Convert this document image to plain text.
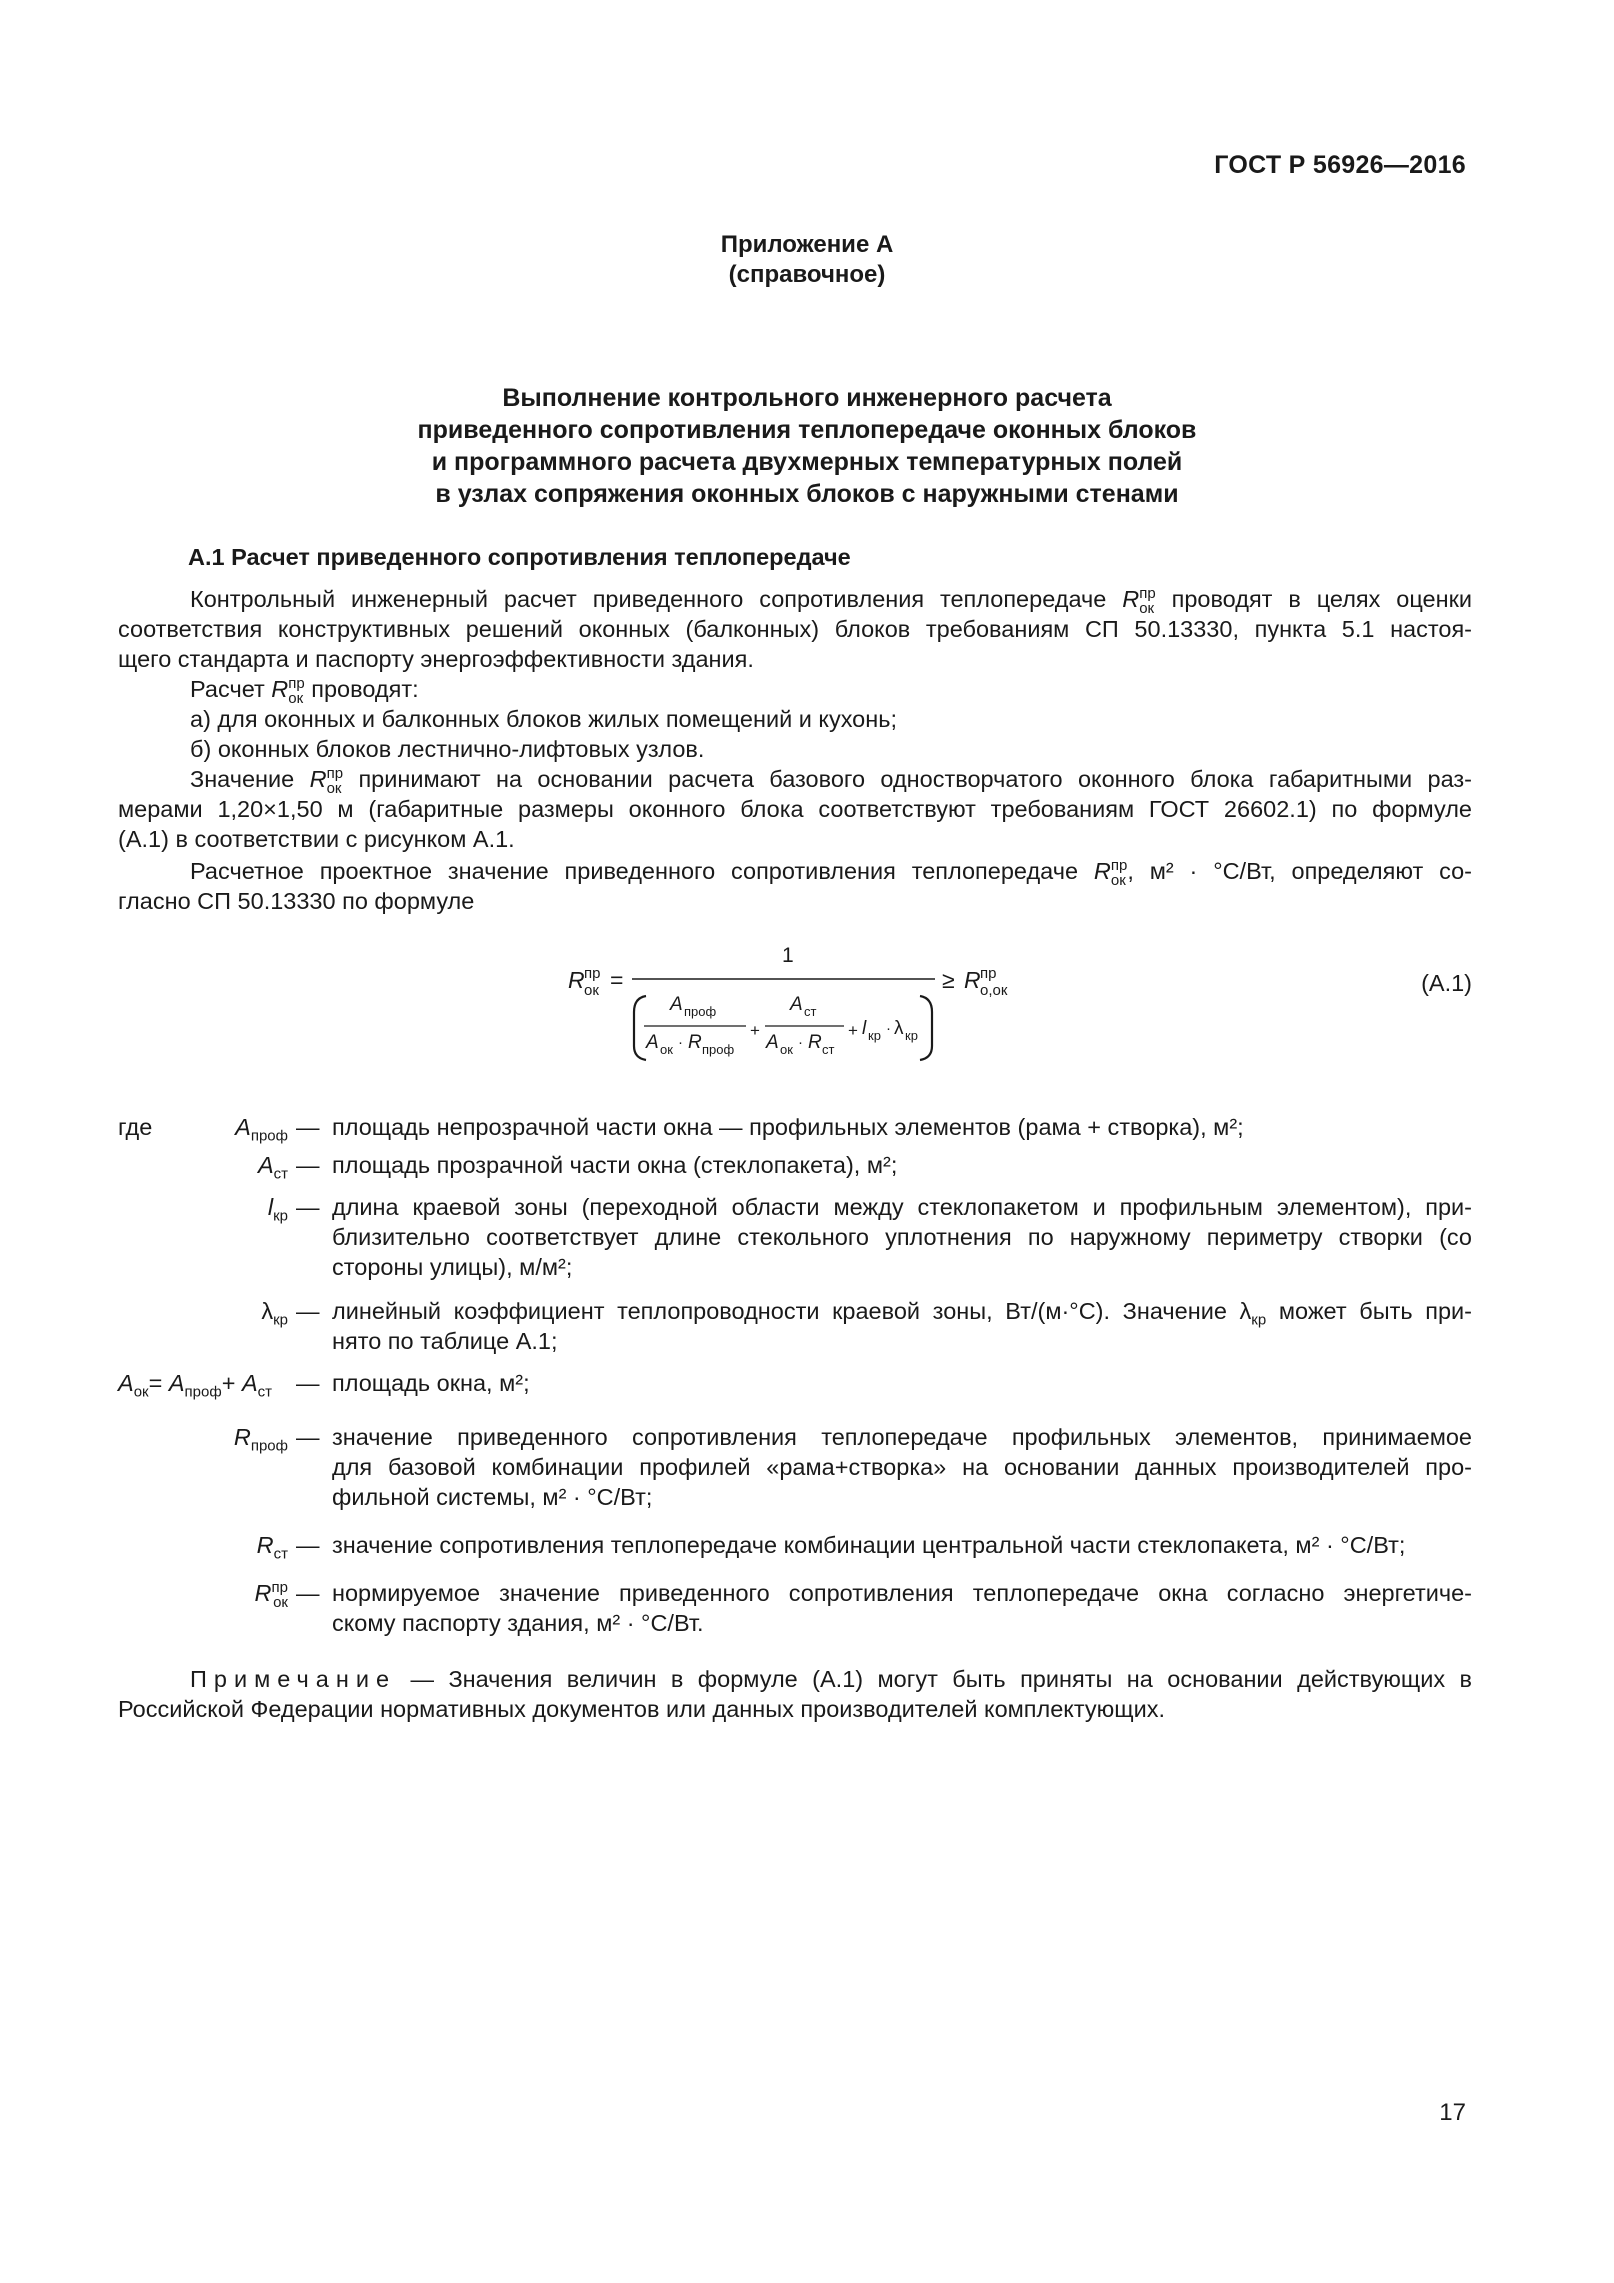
ГОСТ Р 56926—2016
Приложение А
(справочное)
Выполнение контрольного инженерного расчета
приведенного сопротивления теплопередаче оконных блоков
и программного расчета двухмерных температурных полей
в узлах сопряжения оконных блоков с наружными стенами
А.1 Расчет приведенного сопротивления теплопередаче
Контрольный инженерный расчет приведенного сопротивления теплопередаче R пр
ок проводят в целях оценки
соответствия конструктивных решений оконных (балконных) блоков требованиям СП 50.13330, пункта 5.1 настоя-
щего стандарта и паспорту энергоэффективности здания.
Расчет R пр
ок проводят:
а) для оконных и балконных блоков жилых помещений и кухонь;
б) оконных блоков лестнично-лифтовых узлов.
Значение R пр
ок принимают на основании расчета базового одностворчатого оконного блока габаритными раз-
мерами 1,20×1,50 м (габаритные размеры оконного блока соответствуют требованиям ГОСТ 26602.1) по формуле
(А.1) в соответствии с рисунком А.1.
Расчетное проектное значение приведенного сопротивления теплопередаче R пр
ок , м² · °С/Вт, определяют со-
гласно СП 50.13330 по формуле
R пр
ок =
1
А проф
А ок · R проф
+
А ст
А ок · R ст
+ l кр · λ кр
≥ R пр
о,ок	(А.1)
где	$А_{проф}$ — площадь непрозрачной части окна — профильных элементов (рама + створка), м²;
$А_{ст}$ — площадь прозрачной части окна (стеклопакета), м²;
$l_{кр}$ — длина краевой зоны (переходной области между стеклопакетом и профильным элементом), при-
близительно соответствует длине стекольного уплотнения по наружному периметру створки (со
стороны улицы), м/м²;
$\lambda_{кр}$ — линейный коэффициент теплопроводности краевой зоны, Вт/(м·°С). Значение $\lambda_{кр}$ может быть при-
нято по таблице А.1;
$А_{ок}= А_{проф}+ А_{ст}$ — площадь окна, м²;
$R_{проф}$ — значение приведенного сопротивления теплопередаче профильных элементов, принимаемое
для базовой комбинации профилей «рама+створка» на основании данных производителей про-
фильной системы, м² · °С/Вт;
$R_{ст}$ — значение сопротивления теплопередаче комбинации центральной части стеклопакета, м² · °С/Вт;
R пр
ок — нормируемое значение приведенного сопротивления теплопередаче окна согласно энергетиче-
скому паспорту здания, м² · °С/Вт.
Примечание — Значения величин в формуле (А.1) могут быть приняты на основании действующих в
Российской Федерации нормативных документов или данных производителей комплектующих.
17
